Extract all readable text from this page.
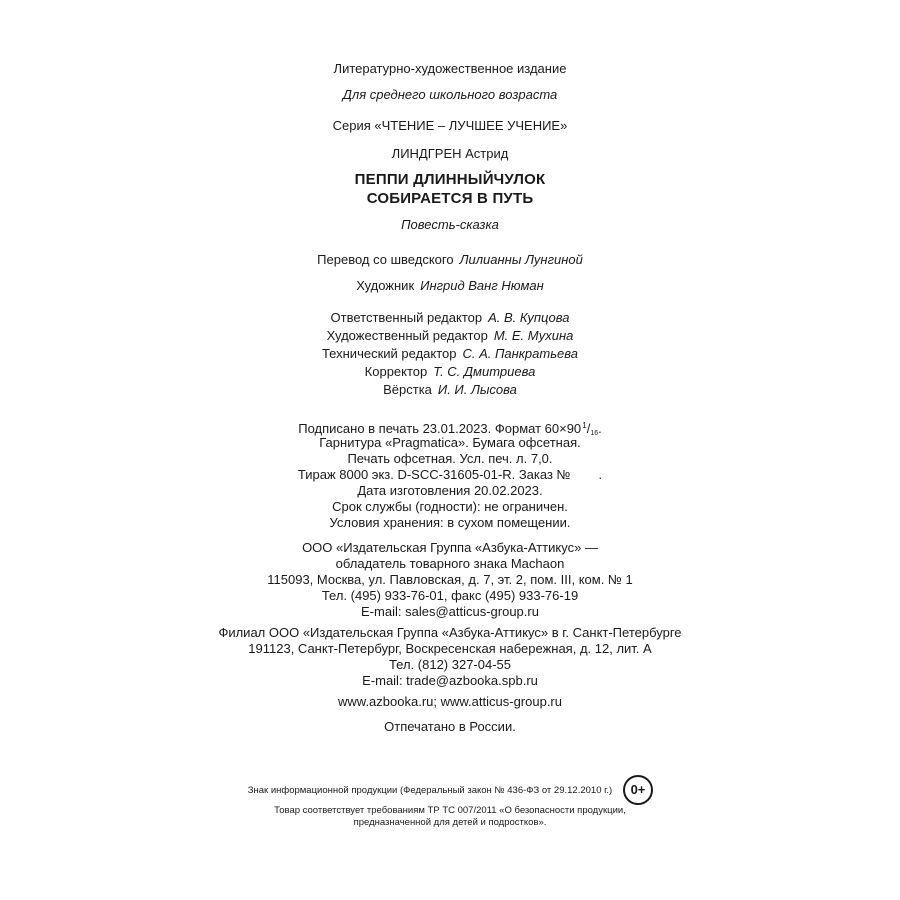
Литературно-художественное издание
Для среднего школьного возраста
Серия «ЧТЕНИЕ – ЛУЧШЕЕ УЧЕНИЕ»
ЛИНДГРЕН Астрид
ПЕППИ ДЛИННЫЙЧУЛОК
СОБИРАЕТСЯ В ПУТЬ
Повесть-сказка
Перевод со шведского Лилианны Лунгиной
Художник Ингрид Ванг Нюман
Ответственный редактор А. В. Купцова
Художественный редактор М. Е. Мухина
Технический редактор С. А. Панкратьева
Корректор Т. С. Дмитриева
Вёрстка И. И. Лысова
Подписано в печать 23.01.2023. Формат 60×90 $^1/_{16}$.
Гарнитура «Pragmatica». Бумага офсетная.
Печать офсетная. Усл. печ. л. 7,0.
Тираж 8000 экз. D-SCC-31605-01-R. Заказ № .
Дата изготовления 20.02.2023.
Срок службы (годности): не ограничен.
Условия хранения: в сухом помещении.
ООО «Издательская Группа «Азбука-Аттикус» —
обладатель товарного знака Machaon
115093, Москва, ул. Павловская, д. 7, эт. 2, пом. III, ком. № 1
Тел. (495) 933-76-01, факс (495) 933-76-19
E-mail: sales@atticus-group.ru
Филиал ООО «Издательская Группа «Азбука-Аттикус» в г. Санкт-Петербурге
191123, Санкт-Петербург, Воскресенская набережная, д. 12, лит. А
Тел. (812) 327-04-55
E-mail: trade@azbooka.spb.ru
www.azbooka.ru; www.atticus-group.ru
Отпечатано в России.
Знак информационной продукции (Федеральный закон № 436-ФЗ от 29.12.2010 г.)	0+
Товар соответствует требованиям ТР ТС 007/2011 «О безопасности продукции,
предназначенной для детей и подростков».
